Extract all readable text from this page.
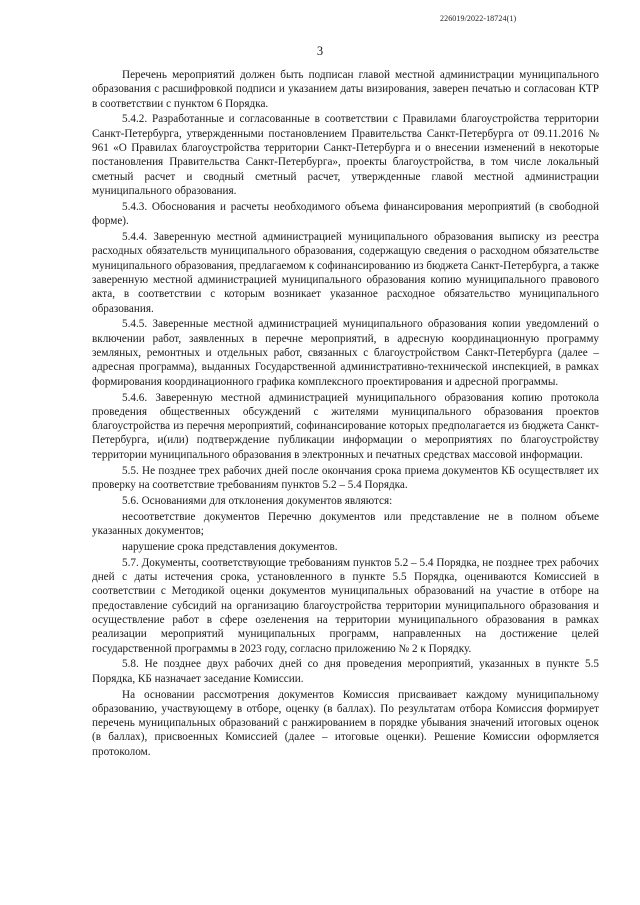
226019/2022-18724(1)
3

Перечень мероприятий должен быть подписан главой местной администрации муниципального образования с расшифровкой подписи и указанием даты визирования, заверен печатью и согласован КТР в соответствии с пунктом 6 Порядка.

5.4.2. Разработанные и согласованные в соответствии с Правилами благоустройства территории Санкт-Петербурга, утвержденными постановлением Правительства Санкт-Петербурга от 09.11.2016 № 961 «О Правилах благоустройства территории Санкт-Петербурга и о внесении изменений в некоторые постановления Правительства Санкт-Петербурга», проекты благоустройства, в том числе локальный сметный расчет и сводный сметный расчет, утвержденные главой местной администрации муниципального образования.

5.4.3. Обоснования и расчеты необходимого объема финансирования мероприятий (в свободной форме).

5.4.4. Заверенную местной администрацией муниципального образования выписку из реестра расходных обязательств муниципального образования, содержащую сведения о расходном обязательстве муниципального образования, предлагаемом к софинансированию из бюджета Санкт-Петербурга, а также заверенную местной администрацией муниципального образования копию муниципального правового акта, в соответствии с которым возникает указанное расходное обязательство муниципального образования.

5.4.5. Заверенные местной администрацией муниципального образования копии уведомлений о включении работ, заявленных в перечне мероприятий, в адресную координационную программу земляных, ремонтных и отдельных работ, связанных с благоустройством Санкт-Петербурга (далее – адресная программа), выданных Государственной административно-технической инспекцией, в рамках формирования координационного графика комплексного проектирования и адресной программы.

5.4.6. Заверенную местной администрацией муниципального образования копию протокола проведения общественных обсуждений с жителями муниципального образования проектов благоустройства из перечня мероприятий, софинансирование которых предполагается из бюджета Санкт-Петербурга, и(или) подтверждение публикации информации о мероприятиях по благоустройству территории муниципального образования в электронных и печатных средствах массовой информации.

5.5. Не позднее трех рабочих дней после окончания срока приема документов КБ осуществляет их проверку на соответствие требованиям пунктов 5.2 – 5.4 Порядка.

5.6. Основаниями для отклонения документов являются:

несоответствие документов Перечню документов или представление не в полном объеме указанных документов;

нарушение срока представления документов.

5.7. Документы, соответствующие требованиям пунктов 5.2 – 5.4 Порядка, не позднее трех рабочих дней с даты истечения срока, установленного в пункте 5.5 Порядка, оцениваются Комиссией в соответствии с Методикой оценки документов муниципальных образований на участие в отборе на предоставление субсидий на организацию благоустройства территории муниципального образования и осуществление работ в сфере озеленения на территории муниципального образования в рамках реализации мероприятий муниципальных программ, направленных на достижение целей государственной программы в 2023 году, согласно приложению № 2 к Порядку.

5.8. Не позднее двух рабочих дней со дня проведения мероприятий, указанных в пункте 5.5 Порядка, КБ назначает заседание Комиссии.

На основании рассмотрения документов Комиссия присваивает каждому муниципальному образованию, участвующему в отборе, оценку (в баллах). По результатам отбора Комиссия формирует перечень муниципальных образований с ранжированием в порядке убывания значений итоговых оценок (в баллах), присвоенных Комиссией (далее – итоговые оценки). Решение Комиссии оформляется протоколом.
